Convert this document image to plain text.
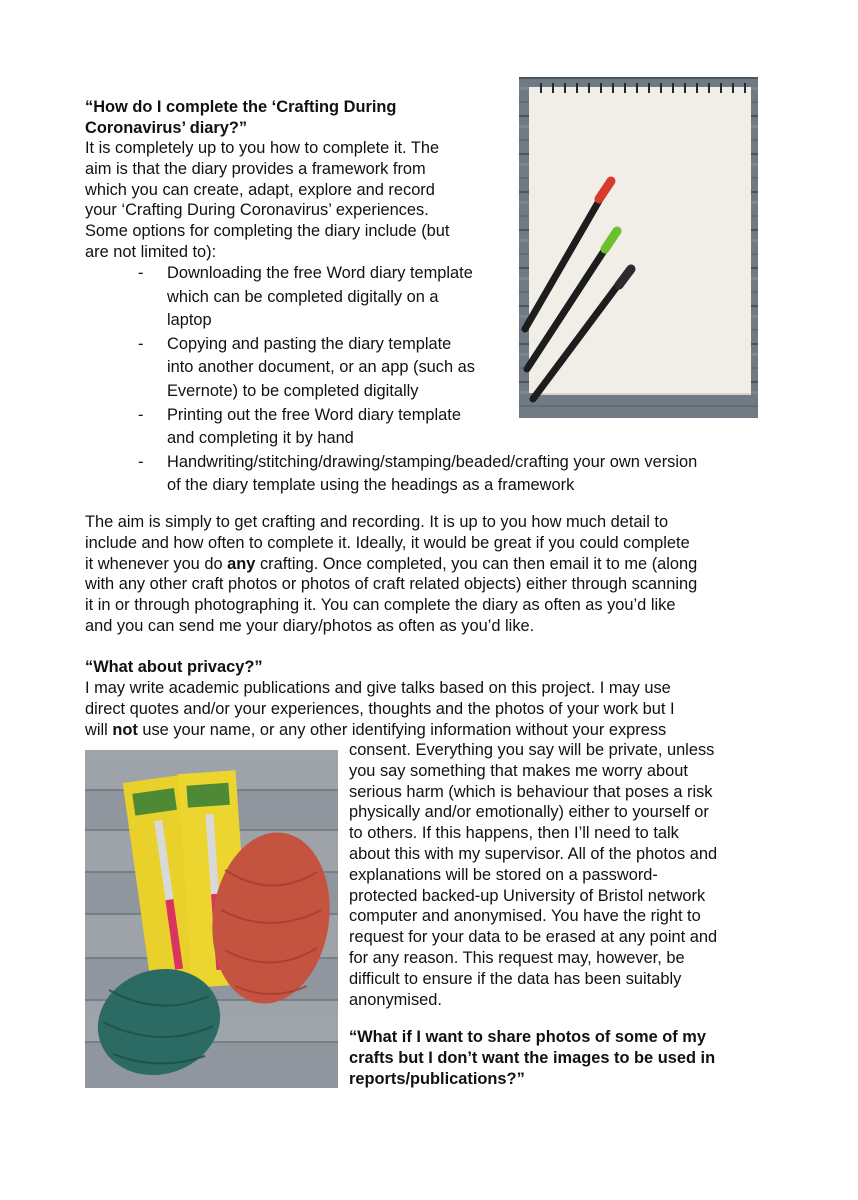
“How do I complete the ‘Crafting During
Coronavirus’ diary?”
It is completely up to you how to complete it. The
aim is that the diary provides a framework from
which you can create, adapt, explore and record
your ‘Crafting During Coronavirus’ experiences.
Some options for completing the diary include (but
are not limited to):
- Downloading the free Word diary template
which can be completed digitally on a
laptop
- Copying and pasting the diary template
into another document, or an app (such as
Evernote) to be completed digitally
- Printing out the free Word diary template
and completing it by hand
- Handwriting/stitching/drawing/stamping/beaded/crafting your own version
of the diary template using the headings as a framework
The aim is simply to get crafting and recording. It is up to you how much detail to
include and how often to complete it. Ideally, it would be great if you could complete
it whenever you do any crafting. Once completed, you can then email it to me (along
with any other craft photos or photos of craft related objects) either through scanning
it in or through photographing it. You can complete the diary as often as you’d like
and you can send me your diary/photos as often as you’d like.
“What about privacy?”
I may write academic publications and give talks based on this project. I may use
direct quotes and/or your experiences, thoughts and the photos of your work but I
will not use your name, or any other identifying information without your express
consent. Everything you say will be private, unless
you say something that makes me worry about
serious harm (which is behaviour that poses a risk
physically and/or emotionally) either to yourself or
to others. If this happens, then I’ll need to talk
about this with my supervisor. All of the photos and
explanations will be stored on a password-
protected backed-up University of Bristol network
computer and anonymised. You have the right to
request for your data to be erased at any point and
for any reason. This request may, however, be
difficult to ensure if the data has been suitably
anonymised.
“What if I want to share photos of some of my
crafts but I don’t want the images to be used in
reports/publications?”
